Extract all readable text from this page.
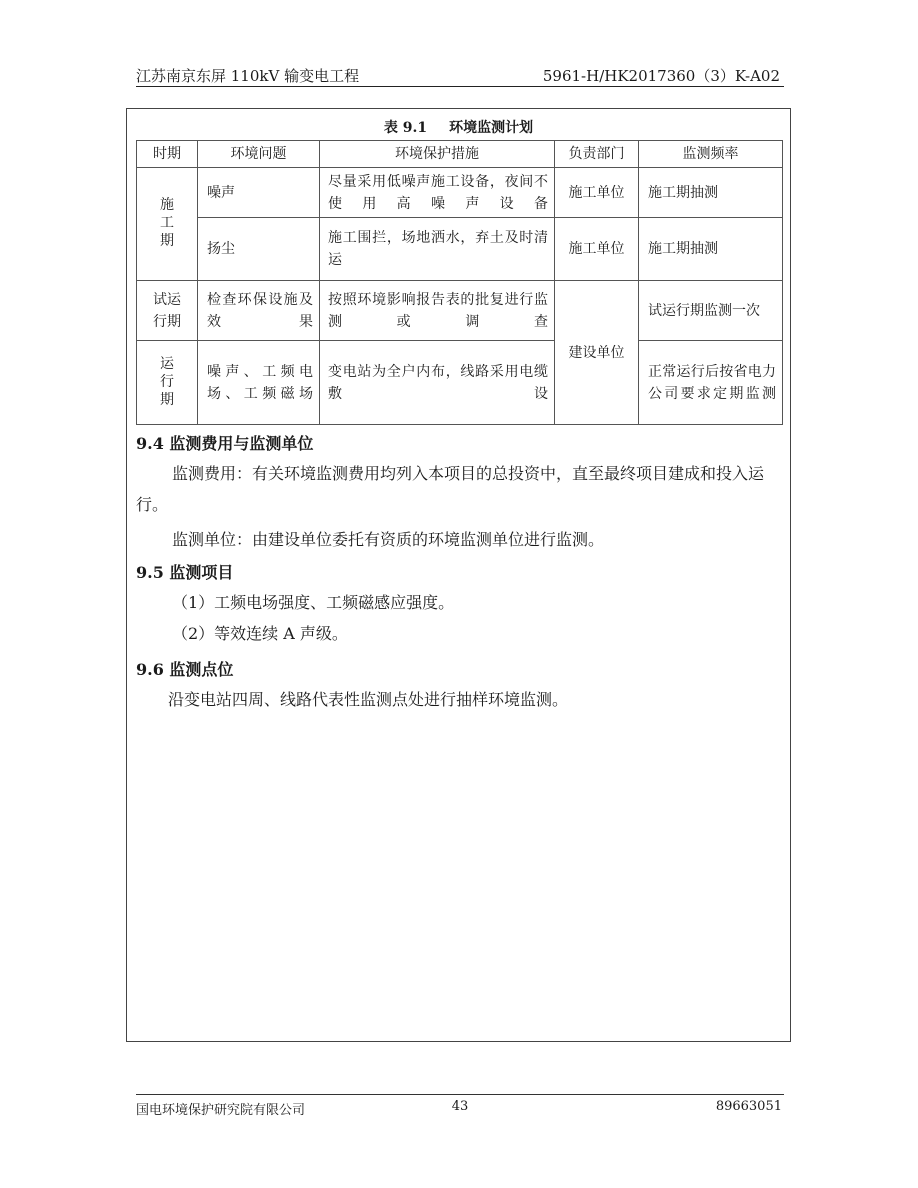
江苏南京东屏 110kV 输变电工程	5961-H/HK2017360（3）K-A02
表 9.1 环境监测计划
时期	环境问题	环境保护措施	负责部门	监测频率
施工期	噪声	尽量采用低噪声施工设备，夜间不使用高噪声设备	施工单位	施工期抽测
	扬尘	施工围拦，场地洒水，弃土及时清运	施工单位	施工期抽测
试运行期	检查环保设施及效果	按照环境影响报告表的批复进行监测或调查	建设单位	试运行期监测一次
运行期	噪声、工频电场、工频磁场	变电站为全户内布，线路采用电缆敷设		正常运行后按省电力公司要求定期监测
9.4 监测费用与监测单位
监测费用：有关环境监测费用均列入本项目的总投资中，直至最终项目建成和投入运行。
监测单位：由建设单位委托有资质的环境监测单位进行监测。
9.5 监测项目
（1）工频电场强度、工频磁感应强度。
（2）等效连续 A 声级。
9.6 监测点位
沿变电站四周、线路代表性监测点处进行抽样环境监测。
国电环境保护研究院有限公司	43	89663051
